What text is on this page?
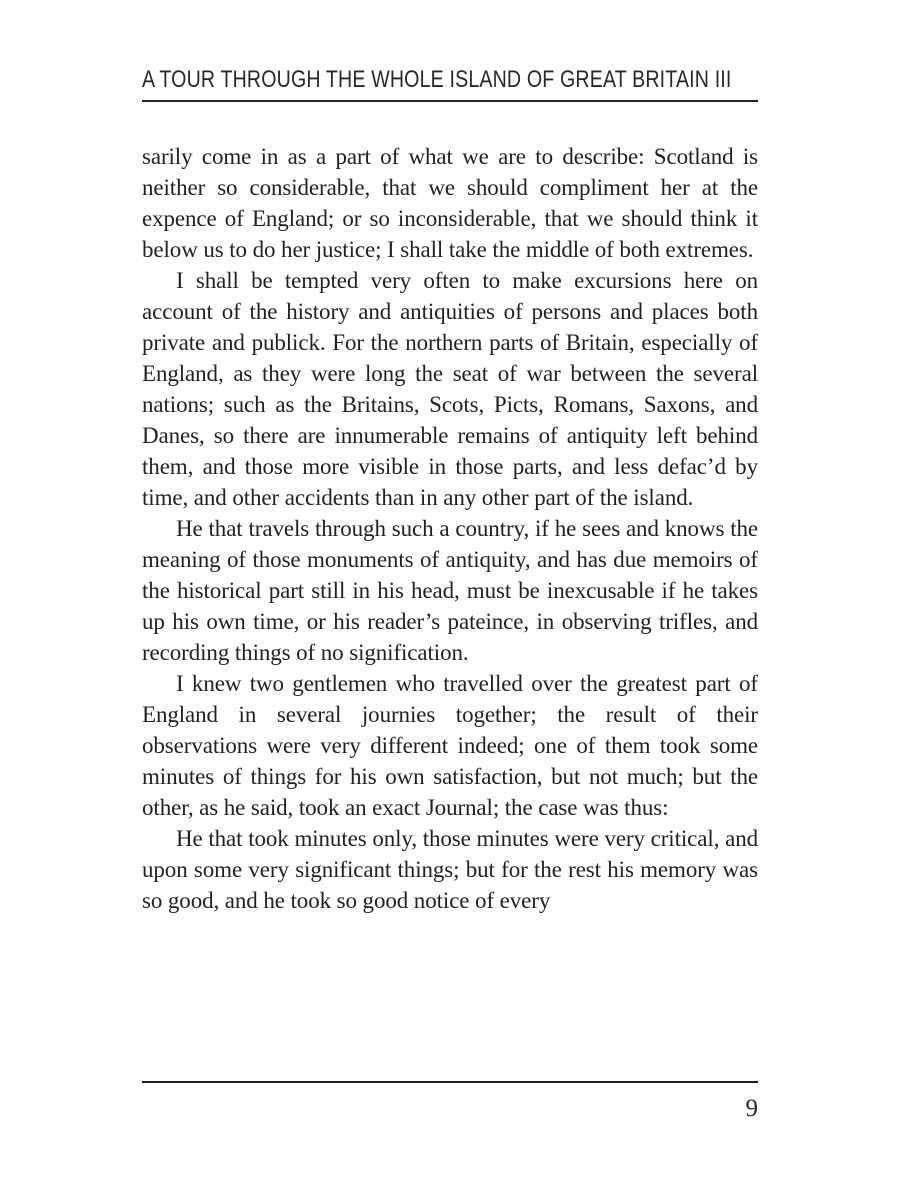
A TOUR THROUGH THE WHOLE ISLAND OF GREAT BRITAIN III

sarily come in as a part of what we are to describe: Scotland is neither so considerable, that we should compliment her at the expence of England; or so inconsiderable, that we should think it below us to do her justice; I shall take the middle of both extremes.

I shall be tempted very often to make excursions here on account of the history and antiquities of persons and places both private and publick. For the northern parts of Britain, especially of England, as they were long the seat of war between the several nations; such as the Britains, Scots, Picts, Romans, Saxons, and Danes, so there are innumerable remains of antiquity left behind them, and those more visible in those parts, and less defac’d by time, and other accidents than in any other part of the island.

He that travels through such a country, if he sees and knows the meaning of those monuments of antiquity, and has due memoirs of the historical part still in his head, must be inexcusable if he takes up his own time, or his reader’s pateince, in observing trifles, and recording things of no signification.

I knew two gentlemen who travelled over the greatest part of England in several journies together; the result of their observations were very different indeed; one of them took some minutes of things for his own satisfaction, but not much; but the other, as he said, took an exact Journal; the case was thus:

He that took minutes only, those minutes were very critical, and upon some very significant things; but for the rest his memory was so good, and he took so good notice of every

9
